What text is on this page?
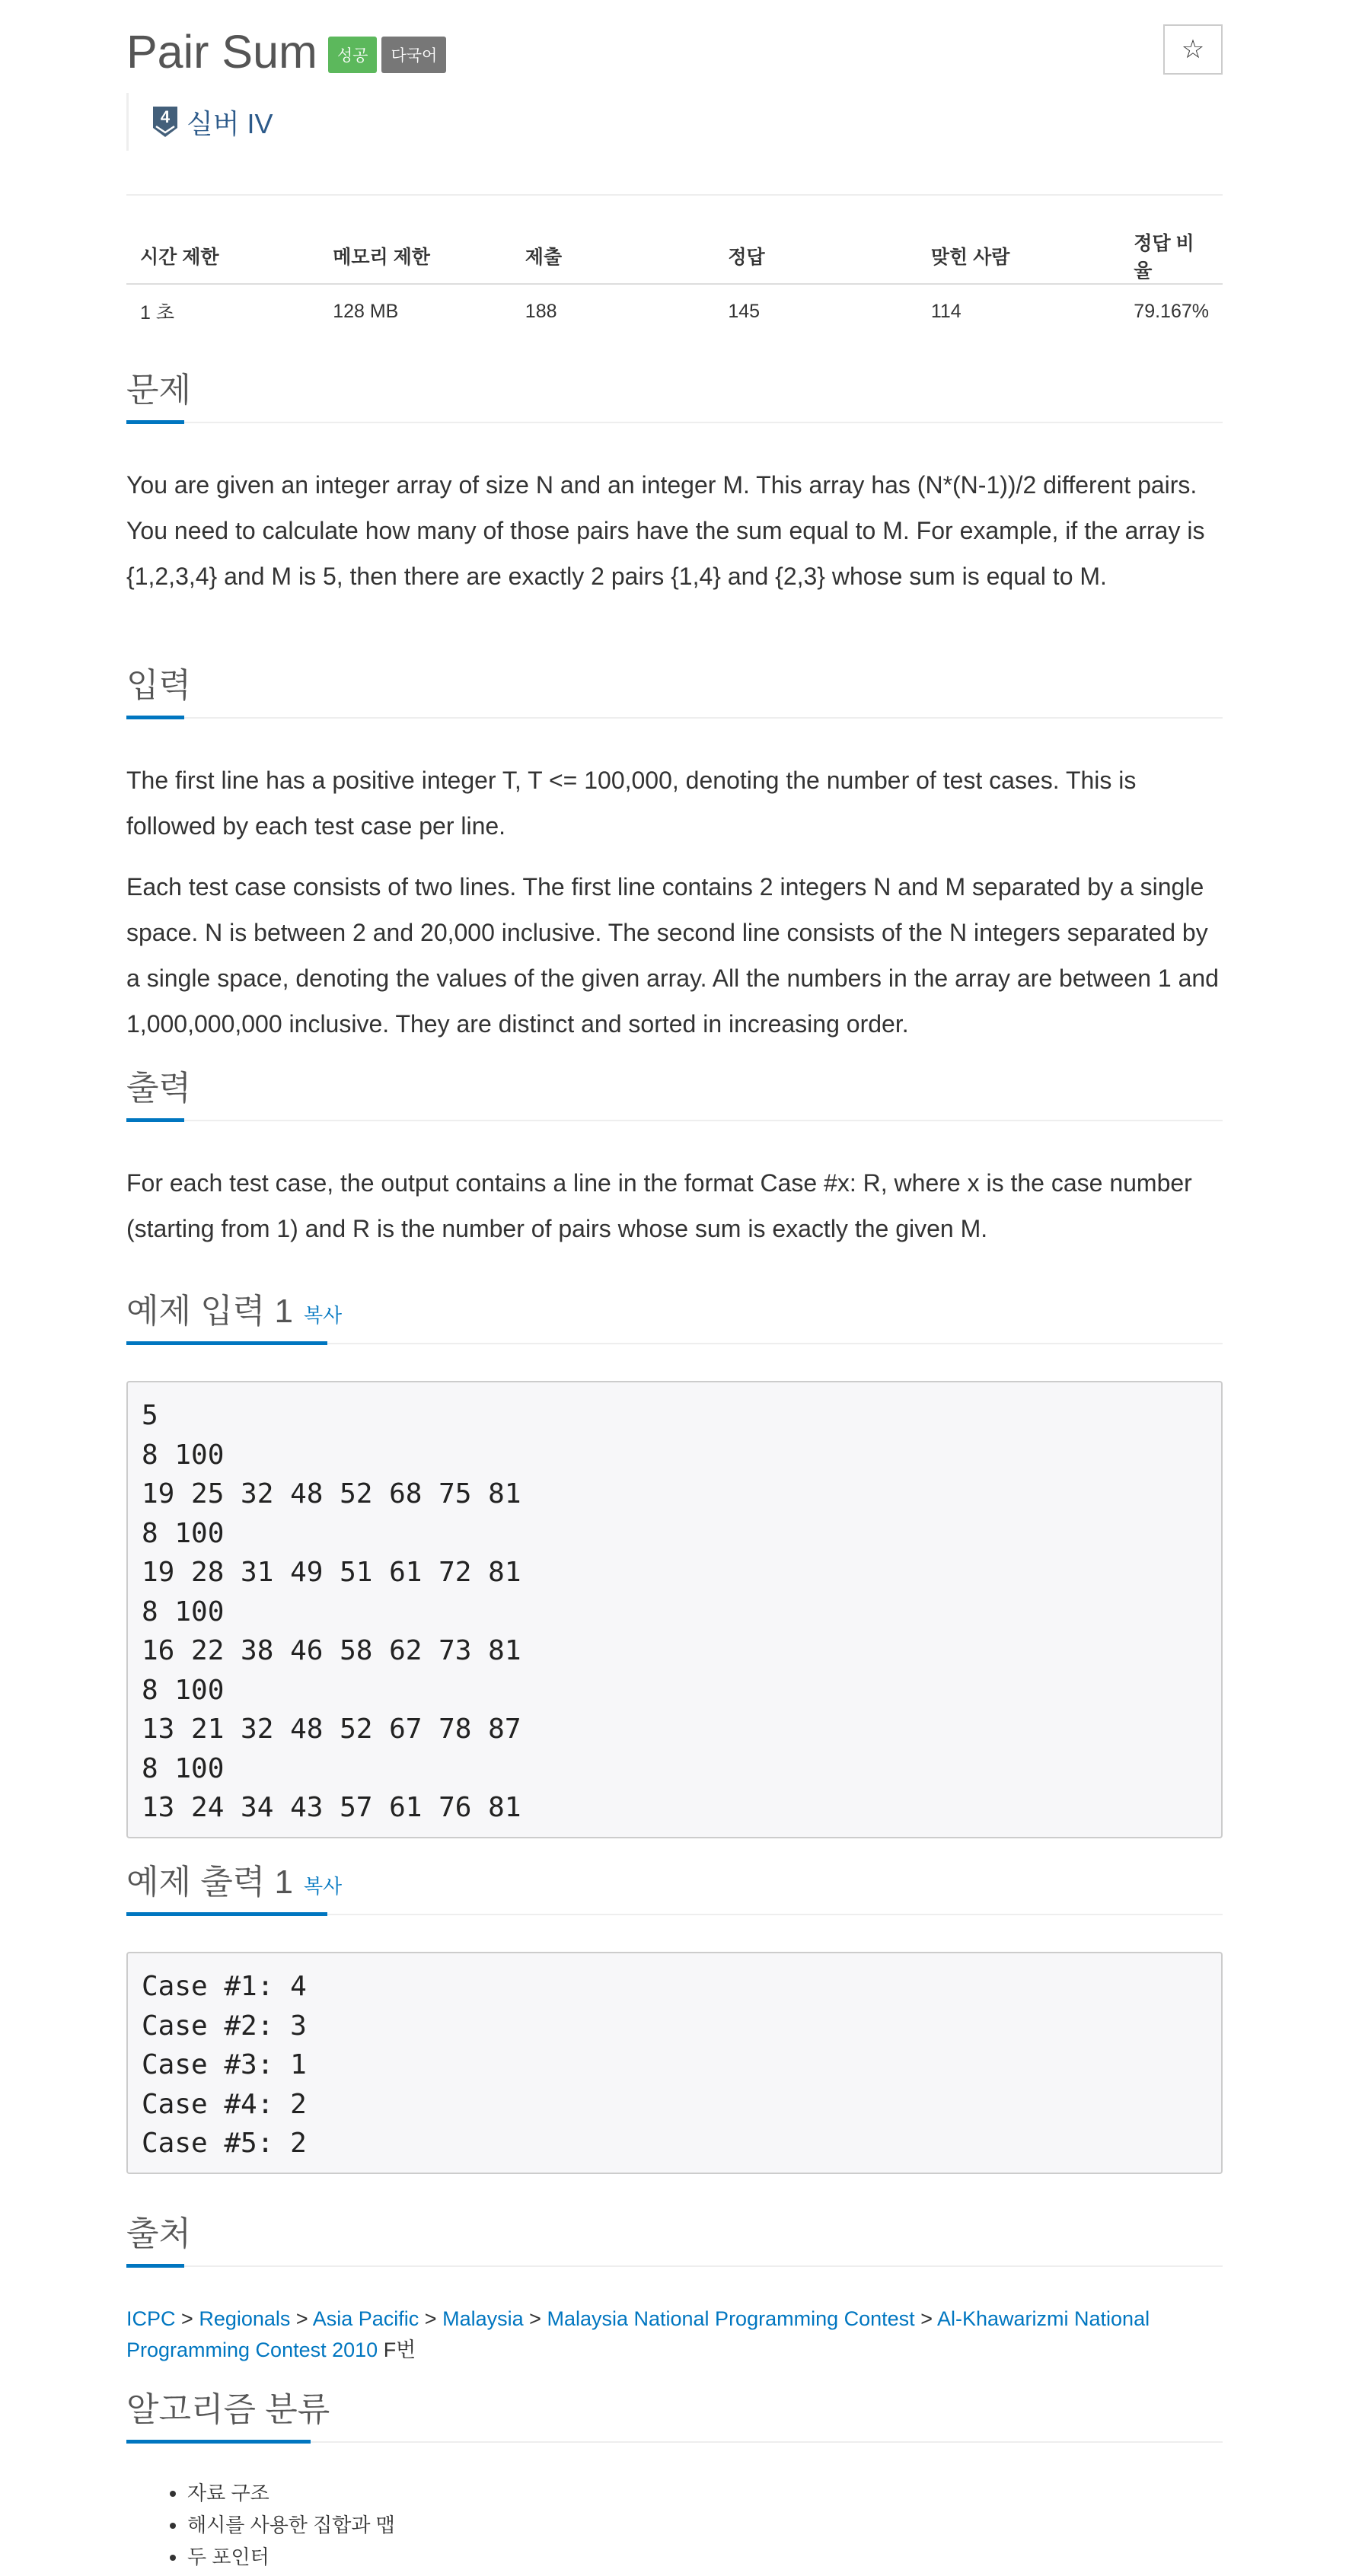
Pair Sum	성공	다국어	☆
4 실버 IV
시간 제한	메모리 제한	제출	정답	맞힌 사람	정답 비율
1 초	128 MB	188	145	114	79.167%
문제

You are given an integer array of size N and an integer M. This array has (N*(N-1))/2 different pairs. You need to calculate how many of those pairs have the sum equal to M. For example, if the array is {1,2,3,4} and M is 5, then there are exactly 2 pairs {1,4} and {2,3} whose sum is equal to M.

입력

The first line has a positive integer T, T <= 100,000, denoting the number of test cases. This is followed by each test case per line.

Each test case consists of two lines. The first line contains 2 integers N and M separated by a single space. N is between 2 and 20,000 inclusive. The second line consists of the N integers separated by a single space, denoting the values of the given array. All the numbers in the array are between 1 and 1,000,000,000 inclusive. They are distinct and sorted in increasing order.

출력

For each test case, the output contains a line in the format Case #x: R, where x is the case number (starting from 1) and R is the number of pairs whose sum is exactly the given M.

예제 입력 1 복사
5
8 100
19 25 32 48 52 68 75 81
8 100
19 28 31 49 51 61 72 81
8 100
16 22 38 46 58 62 73 81
8 100
13 21 32 48 52 67 78 87
8 100
13 24 34 43 57 61 76 81
예제 출력 1 복사
Case #1: 4
Case #2: 3
Case #3: 1
Case #4: 2
Case #5: 2
출처
ICPC > Regionals > Asia Pacific > Malaysia > Malaysia National Programming Contest > Al-Khawarizmi National Programming Contest 2010 F번
알고리즘 분류
• 자료 구조
• 해시를 사용한 집합과 맵
• 두 포인터
